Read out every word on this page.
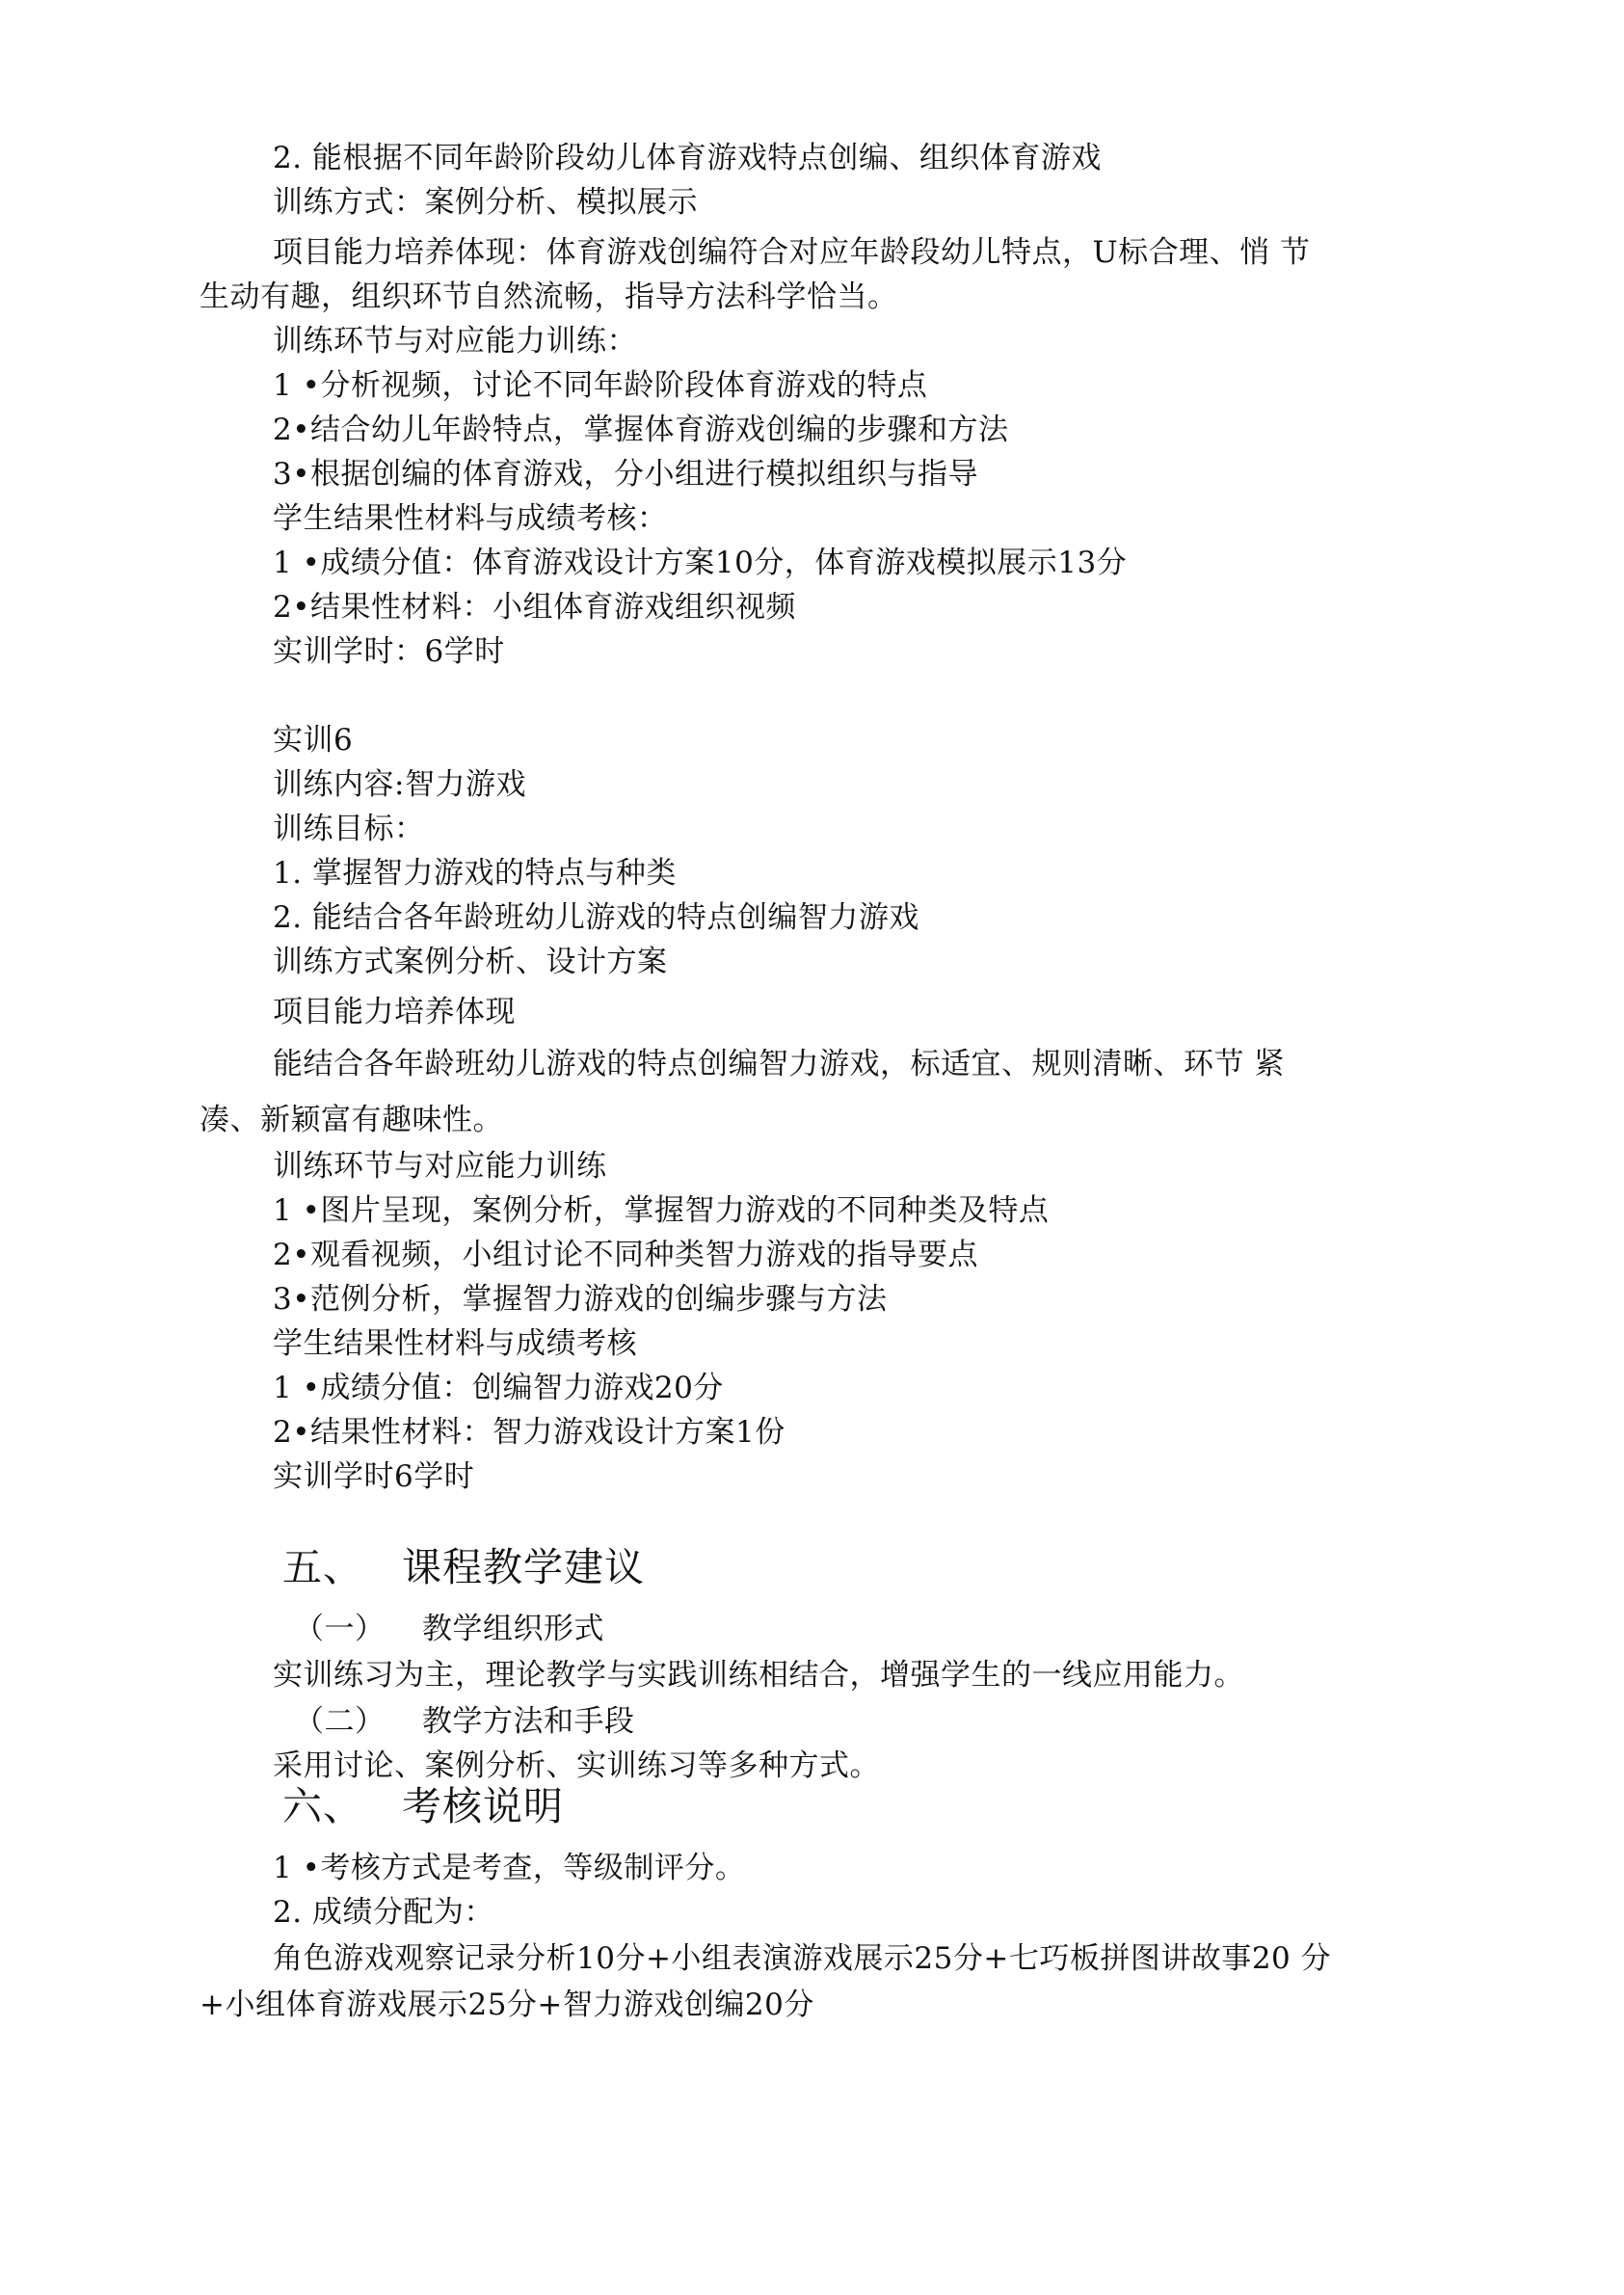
2. 能根据不同年龄阶段幼儿体育游戏特点创编、组织体育游戏

训练方式：案例分析、模拟展示

项目能力培养体现：体育游戏创编符合对应年龄段幼儿特点，U标合理、悄 节

生动有趣，组织环节自然流畅，指导方法科学恰当。

训练环节与对应能力训练：

1 •分析视频，讨论不同年龄阶段体育游戏的特点

2•结合幼儿年龄特点，掌握体育游戏创编的步骤和方法

3•根据创编的体育游戏，分小组进行模拟组织与指导

学生结果性材料与成绩考核：

1 •成绩分值：体育游戏设计方案10分，体育游戏模拟展示13分

2•结果性材料：小组体育游戏组织视频

实训学时：6学时

实训6

训练内容:智力游戏

训练目标：

1. 掌握智力游戏的特点与种类

2. 能结合各年龄班幼儿游戏的特点创编智力游戏

训练方式案例分析、设计方案

项目能力培养体现

能结合各年龄班幼儿游戏的特点创编智力游戏，标适宜、规则清晰、环节 紧

凑、新颖富有趣味性。

训练环节与对应能力训练

1 •图片呈现，案例分析，掌握智力游戏的不同种类及特点

2•观看视频，小组讨论不同种类智力游戏的指导要点

3•范例分析，掌握智力游戏的创编步骤与方法

学生结果性材料与成绩考核

1 •成绩分值：创编智力游戏20分

2•结果性材料：智力游戏设计方案1份

实训学时6学时

五、 课程教学建议

（一） 教学组织形式

实训练习为主，理论教学与实践训练相结合，增强学生的一线应用能力。

（二） 教学方法和手段

采用讨论、案例分析、实训练习等多种方式。

六、 考核说明

1 •考核方式是考查，等级制评分。

2. 成绩分配为：

角色游戏观察记录分析10分+小组表演游戏展示25分+七巧板拼图讲故事20 分

+小组体育游戏展示25分+智力游戏创编20分
